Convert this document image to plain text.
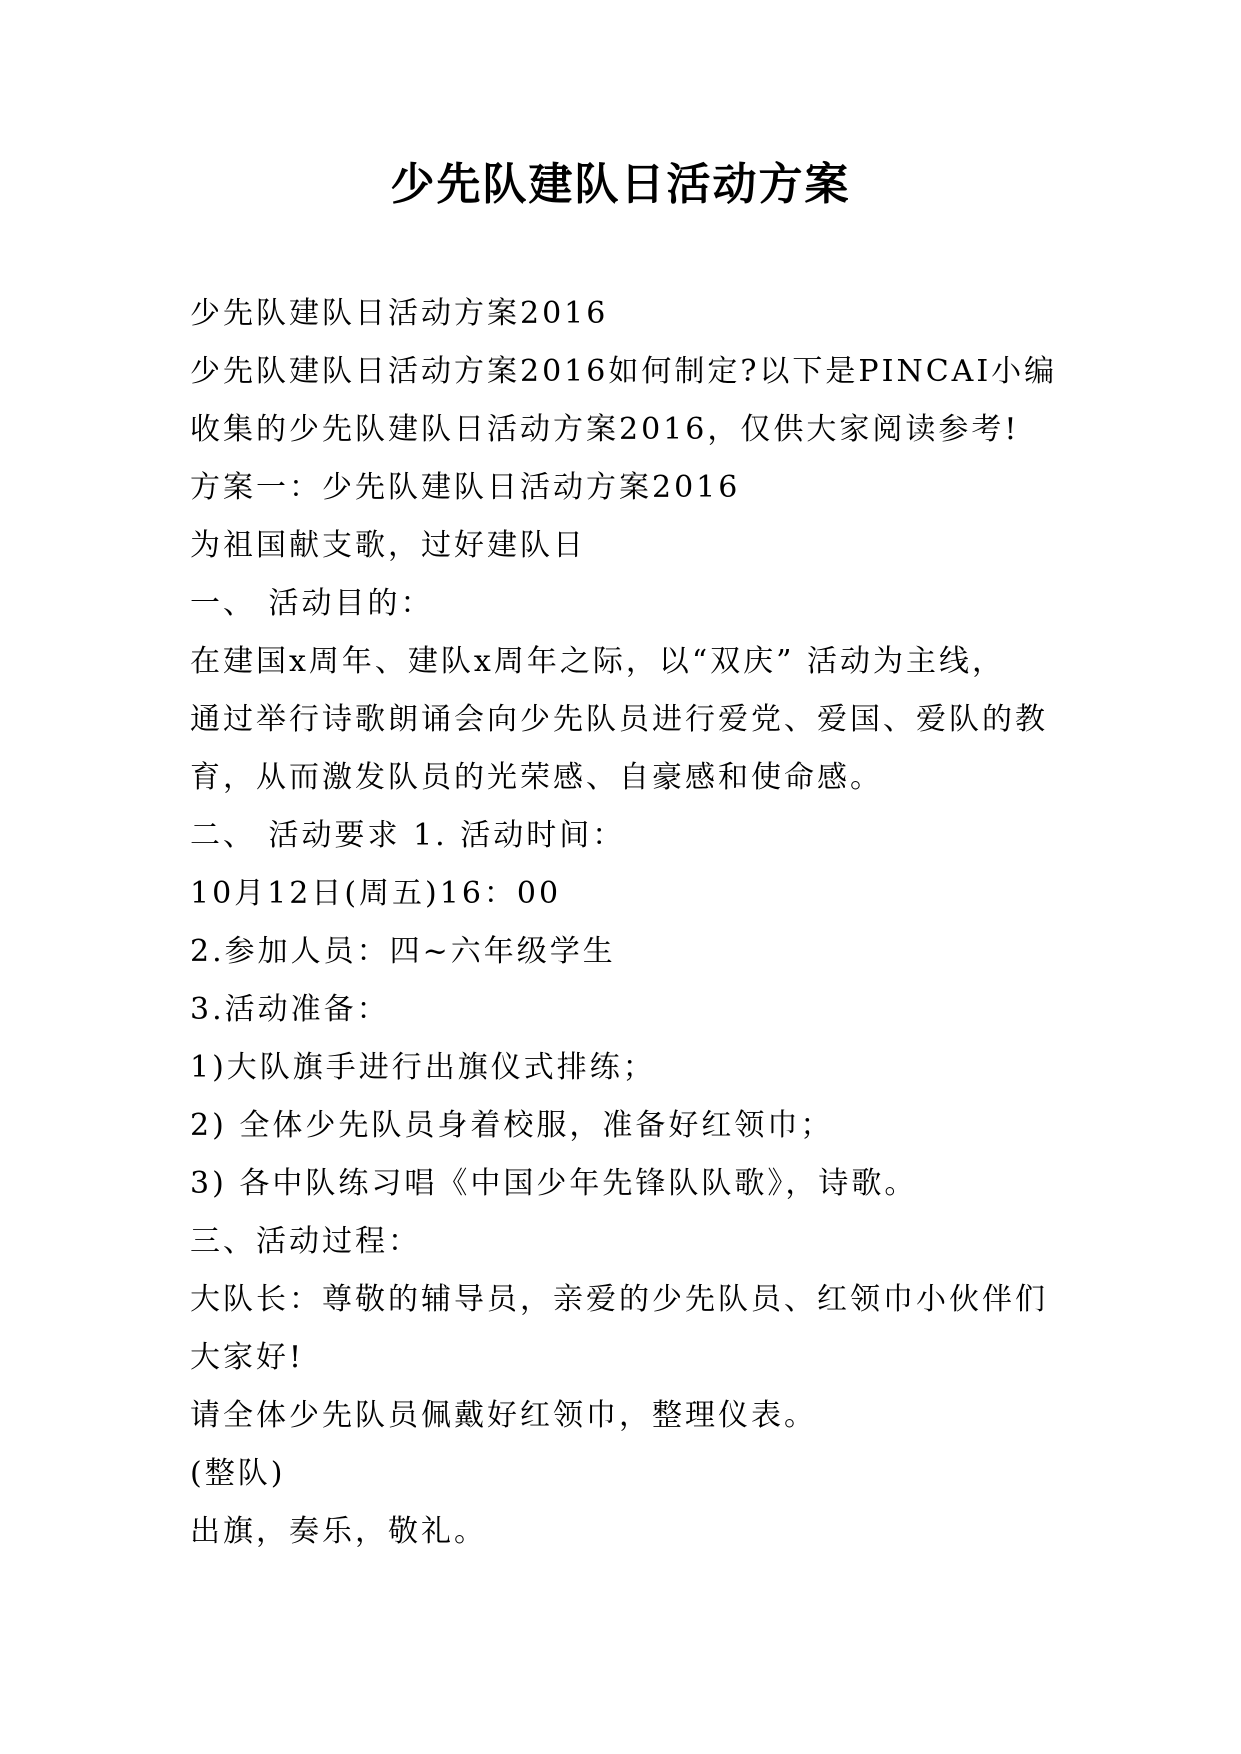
少先队建队日活动方案

少先队建队日活动方案2016

少先队建队日活动方案2016如何制定?以下是PINCAI小编

收集的少先队建队日活动方案2016，仅供大家阅读参考!

方案一：少先队建队日活动方案2016

为祖国献支歌，过好建队日

一、 活动目的：

在建国x周年、建队x周年之际，以“双庆” 活动为主线，

通过举行诗歌朗诵会向少先队员进行爱党、爱国、爱队的教

育，从而激发队员的光荣感、自豪感和使命感。

二、 活动要求 1. 活动时间：

10月12日(周五)16：00

2.参加人员：四~六年级学生

3.活动准备：

1)大队旗手进行出旗仪式排练；

2) 全体少先队员身着校服，准备好红领巾；

3) 各中队练习唱《中国少年先锋队队歌》，诗歌。

三、活动过程：

大队长：尊敬的辅导员，亲爱的少先队员、红领巾小伙伴们

大家好!

请全体少先队员佩戴好红领巾，整理仪表。

(整队)

出旗，奏乐，敬礼。
